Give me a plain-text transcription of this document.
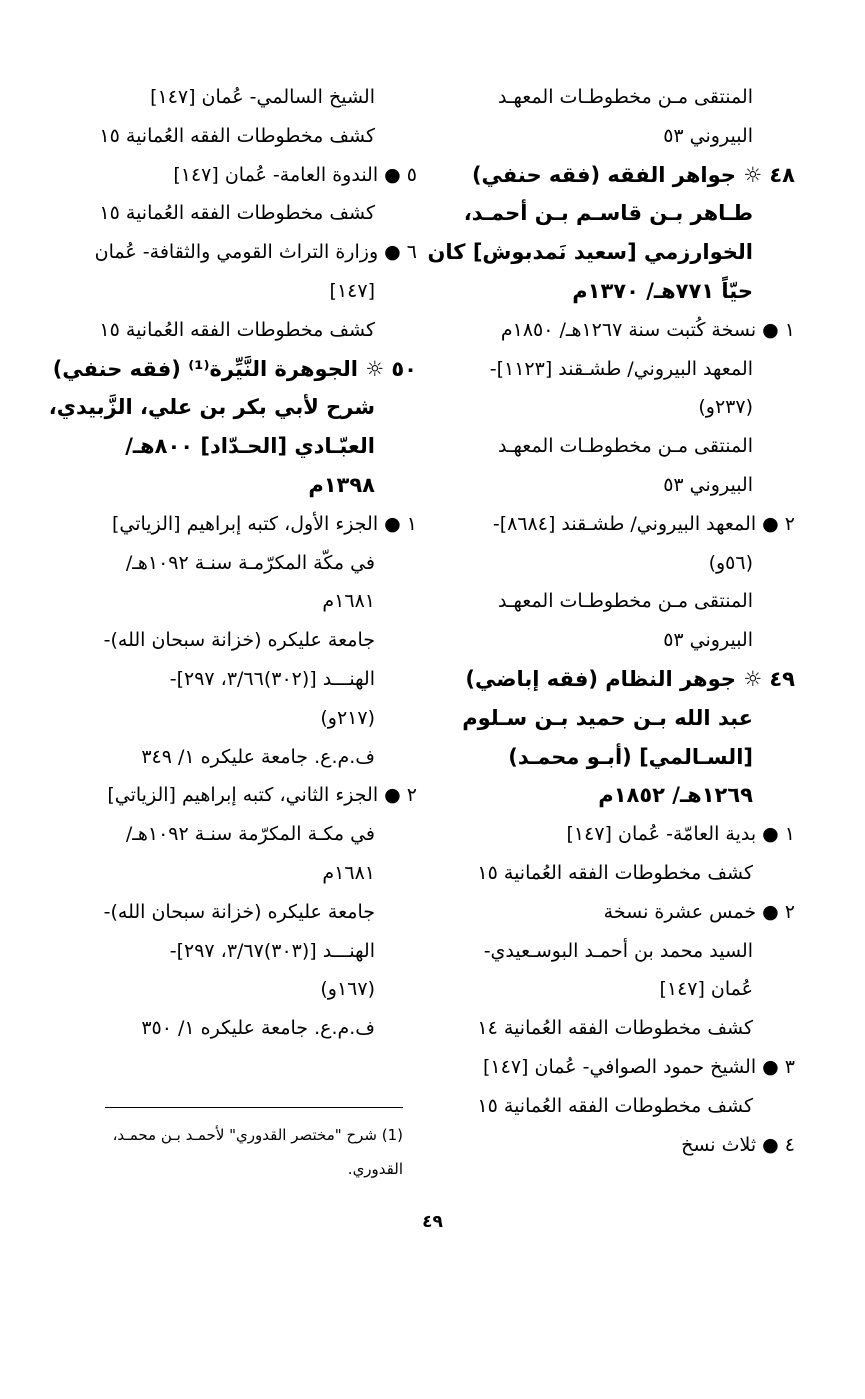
المنتقى مـن مخطوطـات المعهـد
البيروني ٥٣
٤٨ ☼ جواهر الفقه (فقه حنفي)
طـاهر بـن قاسـم بـن أحمـد،
الخوارزمي [سعيد نَمدبوش] كان
حيّاً ٧٧١هـ/ ١٣٧٠م
١ ● نسخة كُتبت سنة ١٢٦٧هـ/ ١٨٥٠م
المعهد البيروني/ طشـقند [١١٢٣]-
(٢٣٧و)
المنتقى مـن مخطوطـات المعهـد
البيروني ٥٣
٢ ● المعهد البيروني/ طشـقند [٨٦٨٤]-
(٥٦و)
المنتقى مـن مخطوطـات المعهـد
البيروني ٥٣
٤٩ ☼ جوهر النظام (فقه إباضي)
عبد الله بـن حميد بـن سـلوم
[السـالمي] (أبـو محمـد)
١٢٦٩هـ/ ١٨٥٢م
١ ● بدية العامّة- عُمان [١٤٧]
كشف مخطوطات الفقه العُمانية ١٥
٢ ● خمس عشرة نسخة
السيد محمد بن أحمـد البوسـعيدي-
عُمان [١٤٧]
كشف مخطوطات الفقه العُمانية ١٤
٣ ● الشيخ حمود الصوافي- عُمان [١٤٧]
كشف مخطوطات الفقه العُمانية ١٥
٤ ● ثلاث نسخ
الشيخ السالمي- عُمان [١٤٧]
كشف مخطوطات الفقه العُمانية ١٥
٥ ● الندوة العامة- عُمان [١٤٧]
كشف مخطوطات الفقه العُمانية ١٥
٦ ● وزارة التراث القومي والثقافة- عُمان
[١٤٧]
كشف مخطوطات الفقه العُمانية ١٥
٥٠ ☼ الجوهرة النَّيِّرة⁽¹⁾ (فقه حنفي)
شرح لأبي بكر بن علي، الزَّبيدي،
العبّـادي [الحـدّاد] ٨٠٠هـ/
١٣٩٨م
١ ● الجزء الأول، كتبه إبراهيم [الزياتي]
في مكّة المكرّمـة سنـة ١٠٩٢هـ/
١٦٨١م
جامعة عليكره (خزانة سبحان الله)-
الهنـــد [(٣٠٢)٣/٦٦، ٢٩٧]-
(٢١٧و)
ف.م.ع. جامعة عليكره ١/ ٣٤٩
٢ ● الجزء الثاني، كتبه إبراهيم [الزياتي]
في مكـة المكرّمة سنـة ١٠٩٢هـ/
١٦٨١م
جامعة عليكره (خزانة سبحان الله)-
الهنـــد [(٣٠٣)٣/٦٧، ٢٩٧]-
(١٦٧و)
ف.م.ع. جامعة عليكره ١/ ٣٥٠
(1) شرح "مختصر القدوري" لأحمـد بـن محمـد،
القدوري.
٤٩
